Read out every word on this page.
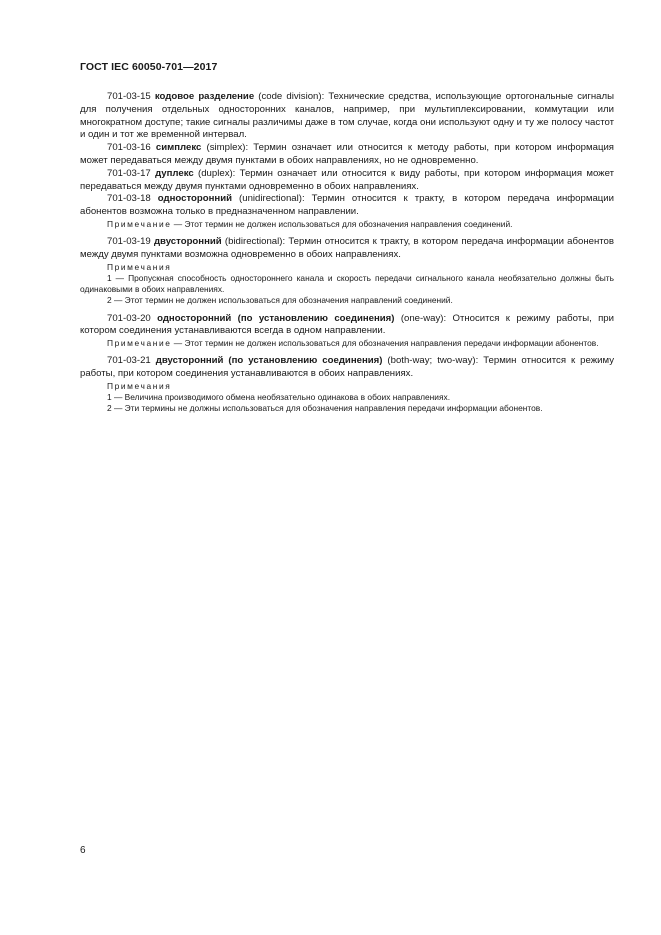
ГОСТ IEC 60050-701—2017

701-03-15 кодовое разделение (code division): Технические средства, использующие ортогональные сигналы для получения отдельных односторонних каналов, например, при мультиплексировании, коммутации или многократном доступе; такие сигналы различимы даже в том случае, когда они используют одну и ту же полосу частот и один и тот же временной интервал.

701-03-16 симплекс (simplex): Термин означает или относится к методу работы, при котором информация может передаваться между двумя пунктами в обоих направлениях, но не одновременно.

701-03-17 дуплекс (duplex): Термин означает или относится к виду работы, при котором информация может передаваться между двумя пунктами одновременно в обоих направлениях.

701-03-18 односторонний (unidirectional): Термин относится к тракту, в котором передача информации абонентов возможна только в предназначенном направлении.

Примечание — Этот термин не должен использоваться для обозначения направления соединений.

701-03-19 двусторонний (bidirectional): Термин относится к тракту, в котором передача информации абонентов между двумя пунктами возможна одновременно в обоих направлениях.

Примечания

1 — Пропускная способность одностороннего канала и скорость передачи сигнального канала необязательно должны быть одинаковыми в обоих направлениях.

2 — Этот термин не должен использоваться для обозначения направлений соединений.

701-03-20 односторонний (по установлению соединения) (one-way): Относится к режиму работы, при котором соединения устанавливаются всегда в одном направлении.

Примечание — Этот термин не должен использоваться для обозначения направления передачи информации абонентов.

701-03-21 двусторонний (по установлению соединения) (both-way; two-way): Термин относится к режиму работы, при котором соединения устанавливаются в обоих направлениях.

Примечания

1 — Величина производимого обмена необязательно одинакова в обоих направлениях.

2 — Эти термины не должны использоваться для обозначения направления передачи информации абонентов.

6
